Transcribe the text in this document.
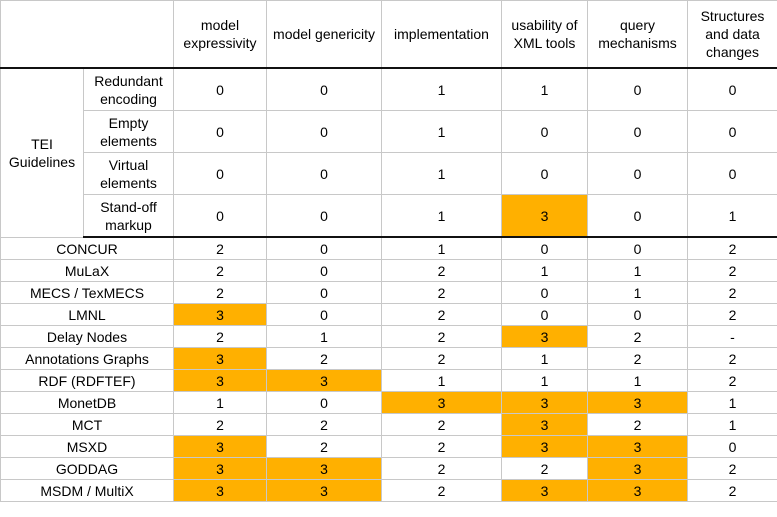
		model expressivity	model genericity	implementation	usability of XML tools	query mechanisms	Structures and data changes
TEI Guidelines	Redundant encoding	0	0	1	1	0	0
	Empty elements	0	0	1	0	0	0
	Virtual elements	0	0	1	0	0	0
	Stand-off markup	0	0	1	3	0	1
CONCUR		2	0	1	0	0	2
MuLaX		2	0	2	1	1	2
MECS / TexMECS		2	0	2	0	1	2
LMNL		3	0	2	0	0	2
Delay Nodes		2	1	2	3	2	-
Annotations Graphs		3	2	2	1	2	2
RDF (RDFTEF)		3	3	1	1	1	2
MonetDB		1	0	3	3	3	1
MCT		2	2	2	3	2	1
MSXD		3	2	2	3	3	0
GODDAG		3	3	2	2	3	2
MSDM / MultiX		3	3	2	3	3	2
